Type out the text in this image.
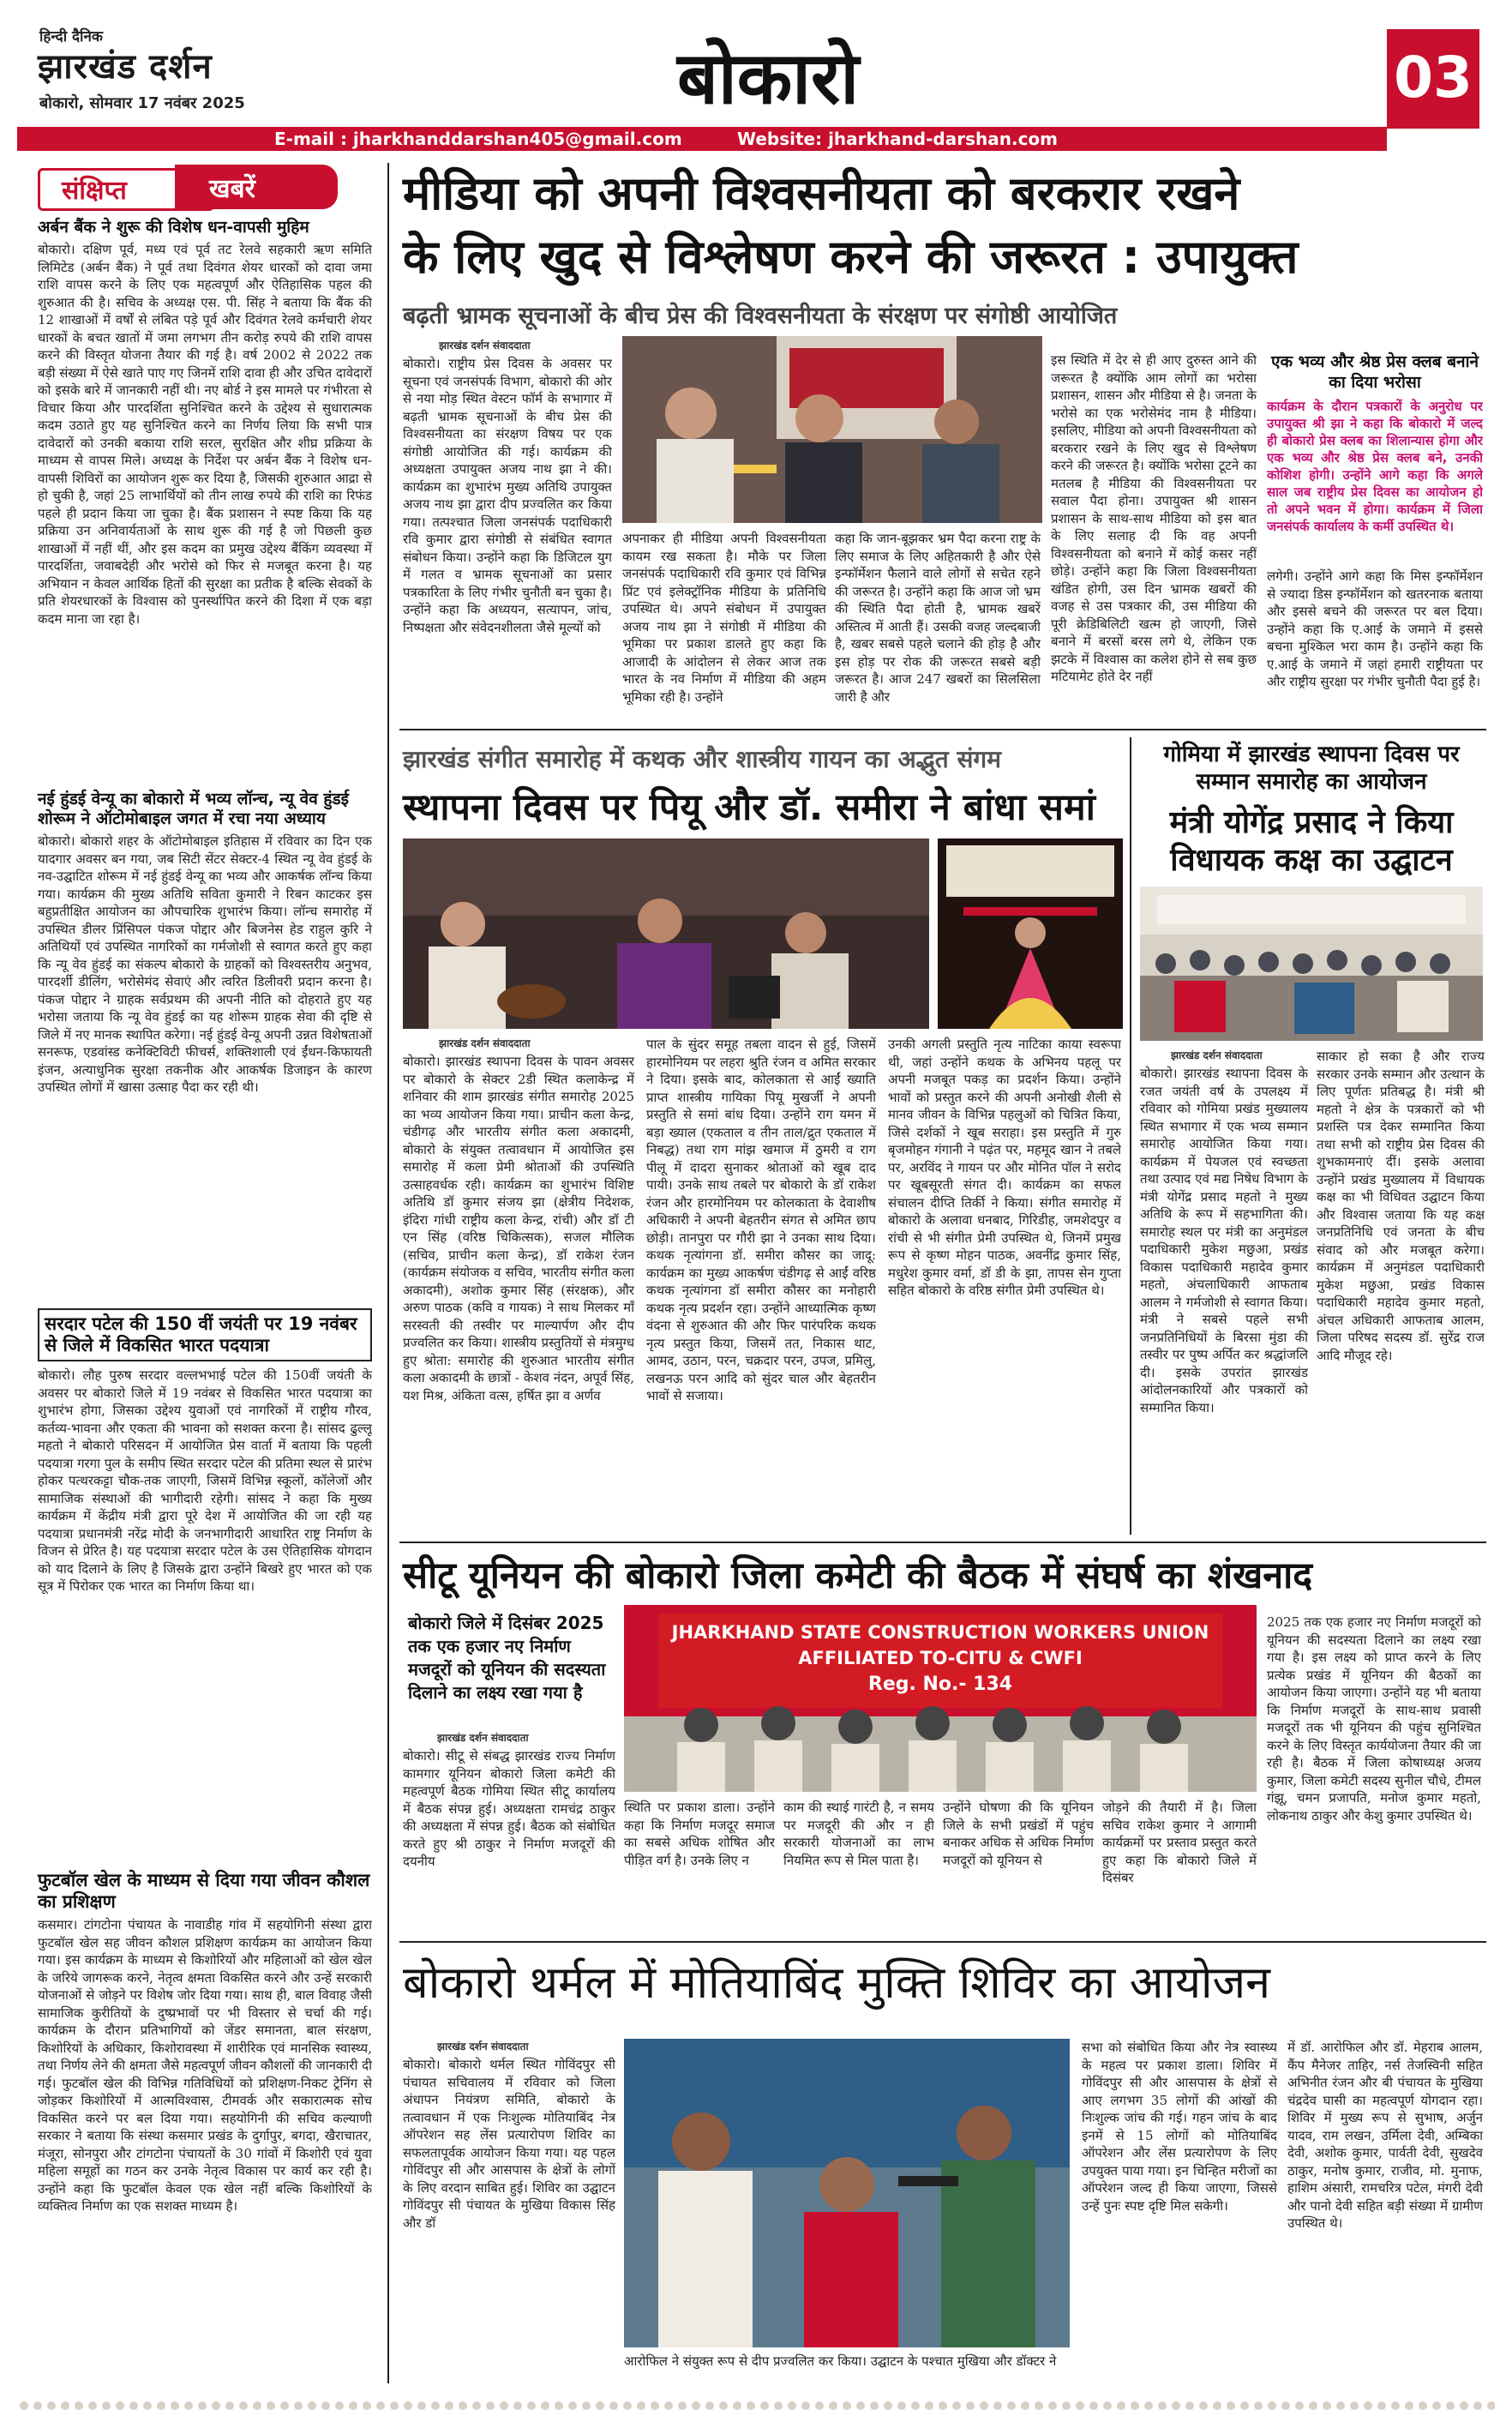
हिन्दी दैनिक
झारखंड दर्शन
बोकारो, सोमवार 17 नवंबर 2025	बोकारो	03
E-mail : jharkhanddarshan405@gmail.com	Website: jharkhand-darshan.com
संक्षिप्त	खबरें
अर्बन बैंक ने शुरू की विशेष धन-वापसी मुहिम
बोकारो। दक्षिण पूर्व, मध्य एवं पूर्व तट रेलवे सहकारी ऋण समिति लिमिटेड (अर्बन बैंक) ने पूर्व तथा दिवंगत शेयर धारकों को दावा जमा राशि वापस करने के लिए एक महत्वपूर्ण और ऐतिहासिक पहल की शुरुआत की है। सचिव के अध्यक्ष एस. पी. सिंह ने बताया कि बैंक की 12 शाखाओं में वर्षों से लंबित पड़े पूर्व और दिवंगत रेलवे कर्मचारी शेयर धारकों के बचत खातों में जमा लगभग तीन करोड़ रुपये की राशि वापस करने की विस्तृत योजना तैयार की गई है। वर्ष 2002 से 2022 तक बड़ी संख्या में ऐसे खाते पाए गए जिनमें राशि दावा ही और उचित दावेदारों को इसके बारे में जानकारी नहीं थी। नए बोर्ड ने इस मामले पर गंभीरता से विचार किया और पारदर्शिता सुनिश्चित करने के उद्देश्य से सुधारात्मक कदम उठाते हुए यह सुनिश्चित करने का निर्णय लिया कि सभी पात्र दावेदारों को उनकी बकाया राशि सरल, सुरक्षित और शीघ्र प्रक्रिया के माध्यम से वापस मिले। अध्यक्ष के निर्देश पर अर्बन बैंक ने विशेष धन-वापसी शिविरों का आयोजन शुरू कर दिया है, जिसकी शुरुआत आद्रा से हो चुकी है, जहां 25 लाभार्थियों को तीन लाख रुपये की राशि का रिफंड पहले ही प्रदान किया जा चुका है। बैंक प्रशासन ने स्पष्ट किया कि यह प्रक्रिया उन अनिवार्यताओं के साथ शुरू की गई है जो पिछली कुछ शाखाओं में नहीं थीं, और इस कदम का प्रमुख उद्देश्य बैंकिंग व्यवस्था में पारदर्शिता, जवाबदेही और भरोसे को फिर से मजबूत करना है। यह अभियान न केवल आर्थिक हितों की सुरक्षा का प्रतीक है बल्कि सेवकों के प्रति शेयरधारकों के विश्वास को पुनर्स्थापित करने की दिशा में एक बड़ा कदम माना जा रहा है।
नई हुंडई वेन्यू का बोकारो में भव्य लॉन्च, न्यू वेव हुंडई शोरूम ने ऑटोमोबाइल जगत में रचा नया अध्याय
बोकारो। बोकारो शहर के ऑटोमोबाइल इतिहास में रविवार का दिन एक यादगार अवसर बन गया, जब सिटी सेंटर सेक्टर-4 स्थित न्यू वेव हुंडई के नव-उद्घाटित शोरूम में नई हुंडई वेन्यू का भव्य और आकर्षक लॉन्च किया गया। कार्यक्रम की मुख्य अतिथि सविता कुमारी ने रिबन काटकर इस बहुप्रतीक्षित आयोजन का औपचारिक शुभारंभ किया। लॉन्च समारोह में उपस्थित डीलर प्रिंसिपल पंकज पोद्दार और बिजनेस हेड राहुल कुरि ने अतिथियों एवं उपस्थित नागरिकों का गर्मजोशी से स्वागत करते हुए कहा कि न्यू वेव हुंडई का संकल्प बोकारो के ग्राहकों को विश्वस्तरीय अनुभव, पारदर्शी डीलिंग, भरोसेमंद सेवाएं और त्वरित डिलीवरी प्रदान करना है। पंकज पोद्दार ने ग्राहक सर्वप्रथम की अपनी नीति को दोहराते हुए यह भरोसा जताया कि न्यू वेव हुंडई का यह शोरूम ग्राहक सेवा की दृष्टि से जिले में नए मानक स्थापित करेगा। नई हुंडई वेन्यू अपनी उन्नत विशेषताओं सनरूफ, एडवांस्ड कनेक्टिविटी फीचर्स, शक्तिशाली एवं ईंधन-किफायती इंजन, अत्याधुनिक सुरक्षा तकनीक और आकर्षक डिजाइन के कारण उपस्थित लोगों में खासा उत्साह पैदा कर रही थी।
सरदार पटेल की 150 वीं जयंती पर 19 नवंबर से जिले में विकसित भारत पदयात्रा
बोकारो। लौह पुरुष सरदार वल्लभभाई पटेल की 150वीं जयंती के अवसर पर बोकारो जिले में 19 नवंबर से विकसित भारत पदयात्रा का शुभारंभ होगा, जिसका उद्देश्य युवाओं एवं नागरिकों में राष्ट्रीय गौरव, कर्तव्य-भावना और एकता की भावना को सशक्त करना है। सांसद ढुल्लू महतो ने बोकारो परिसदन में आयोजित प्रेस वार्ता में बताया कि पहली पदयात्रा गरगा पुल के समीप स्थित सरदार पटेल की प्रतिमा स्थल से प्रारंभ होकर पत्थरकट्टा चौक-तक जाएगी, जिसमें विभिन्न स्कूलों, कॉलेजों और सामाजिक संस्थाओं की भागीदारी रहेगी। सांसद ने कहा कि मुख्य कार्यक्रम में केंद्रीय मंत्री द्वारा पूरे देश में आयोजित की जा रही यह पदयात्रा प्रधानमंत्री नरेंद्र मोदी के जनभागीदारी आधारित राष्ट्र निर्माण के विजन से प्रेरित है। यह पदयात्रा सरदार पटेल के उस ऐतिहासिक योगदान को याद दिलाने के लिए है जिसके द्वारा उन्होंने बिखरे हुए भारत को एक सूत्र में पिरोकर एक भारत का निर्माण किया था।
फुटबॉल खेल के माध्यम से दिया गया जीवन कौशल का प्रशिक्षण
कसमार। टांगटोना पंचायत के नावाडीह गांव में सहयोगिनी संस्था द्वारा फुटबॉल खेल सह जीवन कौशल प्रशिक्षण कार्यक्रम का आयोजन किया गया। इस कार्यक्रम के माध्यम से किशोरियों और महिलाओं को खेल खेल के जरिये जागरूक करने, नेतृत्व क्षमता विकसित करने और उन्हें सरकारी योजनाओं से जोड़ने पर विशेष जोर दिया गया। साथ ही, बाल विवाह जैसी सामाजिक कुरीतियों के दुष्प्रभावों पर भी विस्तार से चर्चा की गई। कार्यक्रम के दौरान प्रतिभागियों को जेंडर समानता, बाल संरक्षण, किशोरियों के अधिकार, किशोरावस्था में शारीरिक एवं मानसिक स्वास्थ्य, तथा निर्णय लेने की क्षमता जैसे महत्वपूर्ण जीवन कौशलों की जानकारी दी गई। फुटबॉल खेल की विभिन्न गतिविधियों को प्रशिक्षण-निकट ट्रेनिंग से जोड़कर किशोरियों में आत्मविश्वास, टीमवर्क और सकारात्मक सोच विकसित करने पर बल दिया गया। सहयोगिनी की सचिव कल्याणी सरकार ने बताया कि संस्था कसमार प्रखंड के दुर्गापुर, बगदा, खैराचातर, मंजूरा, सोनपुरा और टांगटोना पंचायतों के 30 गांवों में किशोरी एवं युवा महिला समूहों का गठन कर उनके नेतृत्व विकास पर कार्य कर रही है। उन्होंने कहा कि फुटबॉल केवल एक खेल नहीं बल्कि किशोरियों के व्यक्तित्व निर्माण का एक सशक्त माध्यम है।
मीडिया को अपनी विश्वसनीयता को बरकरार रखने
के लिए खुद से विश्लेषण करने की जरूरत : उपायुक्त
बढ़ती भ्रामक सूचनाओं के बीच प्रेस की विश्वसनीयता के संरक्षण पर संगोष्ठी आयोजित
झारखंड दर्शन संवाददाता
बोकारो। राष्ट्रीय प्रेस दिवस के अवसर पर सूचना एवं जनसंपर्क विभाग, बोकारो की ओर से नया मोड़ स्थित वेस्टन फॉर्म के सभागार में बढ़ती भ्रामक सूचनाओं के बीच प्रेस की विश्वसनीयता का संरक्षण विषय पर एक संगोष्ठी आयोजित की गई। कार्यक्रम की अध्यक्षता उपायुक्त अजय नाथ झा ने की। कार्यक्रम का शुभारंभ मुख्य अतिथि उपायुक्त अजय नाथ झा द्वारा दीप प्रज्वलित कर किया गया। तत्पश्चात जिला जनसंपर्क पदाधिकारी रवि कुमार द्वारा संगोष्ठी से संबंधित स्वागत संबोधन किया। उन्होंने कहा कि डिजिटल युग में गलत व भ्रामक सूचनाओं का प्रसार पत्रकारिता के लिए गंभीर चुनौती बन चुका है। उन्होंने कहा कि अध्ययन, सत्यापन, जांच, निष्पक्षता और संवेदनशीलता जैसे मूल्यों को
अपनाकर ही मीडिया अपनी विश्वसनीयता कायम रख सकता है। मौके पर जिला जनसंपर्क पदाधिकारी रवि कुमार एवं विभिन्न प्रिंट एवं इलेक्ट्रॉनिक मीडिया के प्रतिनिधि उपस्थित थे। अपने संबोधन में उपायुक्त अजय नाथ झा ने संगोष्ठी में मीडिया की भूमिका पर प्रकाश डालते हुए कहा कि आजादी के आंदोलन से लेकर आज तक भारत के नव निर्माण में मीडिया की अहम भूमिका रही है। उन्होंने
कहा कि जान-बूझकर भ्रम पैदा करना राष्ट्र के लिए समाज के लिए अहितकारी है और ऐसे इन्फॉर्मेशन फैलाने वाले लोगों से सचेत रहने की जरूरत है। उन्होंने कहा कि आज जो भ्रम की स्थिति पैदा होती है, भ्रामक खबरें अस्तित्व में आती हैं। उसकी वजह जल्दबाजी है, खबर सबसे पहले चलाने की होड़ है और इस होड़ पर रोक की जरूरत सबसे बड़ी जरूरत है। आज 247 खबरों का सिलसिला जारी है और
इस स्थिति में देर से ही आए दुरुस्त आने की जरूरत है क्योंकि आम लोगों का भरोसा प्रशासन, शासन और मीडिया से है। जनता के भरोसे का एक भरोसेमंद नाम है मीडिया। इसलिए, मीडिया को अपनी विश्वसनीयता को बरकरार रखने के लिए खुद से विश्लेषण करने की जरूरत है। क्योंकि भरोसा टूटने का मतलब है मीडिया की विश्वसनीयता पर सवाल पैदा होना। उपायुक्त श्री शासन प्रशासन के साथ-साथ मीडिया को इस बात के लिए सलाह दी कि वह अपनी विश्वसनीयता को बनाने में कोई कसर नहीं छोड़े। उन्होंने कहा कि जिला विश्वसनीयता खंडित होगी, उस दिन भ्रामक खबरों की वजह से उस पत्रकार की, उस मीडिया की पूरी क्रेडिबिलिटी खत्म हो जाएगी, जिसे बनाने में बरसों बरस लगे थे, लेकिन एक झटके में विश्वास का कलेश होने से सब कुछ मटियामेट होते देर नहीं
एक भव्य और श्रेष्ठ प्रेस क्लब बनाने का दिया भरोसा
कार्यक्रम के दौरान पत्रकारों के अनुरोध पर उपायुक्त श्री झा ने कहा कि बोकारो में जल्द ही बोकारो प्रेस क्लब का शिलान्यास होगा और एक भव्य और श्रेष्ठ प्रेस क्लब बने, उनकी कोशिश होगी। उन्होंने आगे कहा कि अगले साल जब राष्ट्रीय प्रेस दिवस का आयोजन हो तो अपने भवन में होगा। कार्यक्रम में जिला जनसंपर्क कार्यालय के कर्मी उपस्थित थे।
लगेगी। उन्होंने आगे कहा कि मिस इन्फॉर्मेशन से ज्यादा डिस इन्फॉर्मेशन को खतरनाक बताया और इससे बचने की जरूरत पर बल दिया। उन्होंने कहा कि ए.आई के जमाने में इससे बचना मुश्किल भरा काम है। उन्होंने कहा कि ए.आई के जमाने में जहां हमारी राष्ट्रीयता पर और राष्ट्रीय सुरक्षा पर गंभीर चुनौती पैदा हुई है।
झारखंड संगीत समारोह में कथक और शास्त्रीय गायन का अद्भुत संगम
स्थापना दिवस पर पियू और डॉ. समीरा ने बांधा समां
झारखंड दर्शन संवाददाता
बोकारो। झारखंड स्थापना दिवस के पावन अवसर पर बोकारो के सेक्टर 2डी स्थित कलाकेन्द्र में शनिवार की शाम झारखंड संगीत समारोह 2025 का भव्य आयोजन किया गया। प्राचीन कला केन्द्र, चंडीगढ़ और भारतीय संगीत कला अकादमी, बोकारो के संयुक्त तत्वावधान में आयोजित इस समारोह में कला प्रेमी श्रोताओं की उपस्थिति उत्साहवर्धक रही। कार्यक्रम का शुभारंभ विशिष्ट अतिथि डॉ कुमार संजय झा (क्षेत्रीय निदेशक, इंदिरा गांधी राष्ट्रीय कला केन्द्र, रांची) और डॉ टी एन सिंह (वरिष्ठ चिकित्सक), सजल मौलिक (सचिव, प्राचीन कला केन्द्र), डॉ राकेश रंजन (कार्यक्रम संयोजक व सचिव, भारतीय संगीत कला अकादमी), अशोक कुमार सिंह (संरक्षक), और अरुण पाठक (कवि व गायक) ने साथ मिलकर माँ सरस्वती की तस्वीर पर माल्यार्पण और दीप प्रज्वलित कर किया। शास्त्रीय प्रस्तुतियों से मंत्रमुग्ध हुए श्रोता: समारोह की शुरुआत भारतीय संगीत कला अकादमी के छात्रों - केशव नंदन, अपूर्व सिंह, यश मिश्र, अंकिता वत्स, हर्षित झा व अर्णव
पाल के सुंदर समूह तबला वादन से हुई, जिसमें हारमोनियम पर लहरा श्रुति रंजन व अमित सरकार ने दिया। इसके बाद, कोलकाता से आईं ख्याति प्राप्त शास्त्रीय गायिका पियू मुखर्जी ने अपनी प्रस्तुति से समां बांध दिया। उन्होंने राग यमन में बड़ा ख्याल (एकताल व तीन ताल/द्रुत एकताल में निबद्ध) तथा राग मांझ खमाज में ठुमरी व राग पीलू में दादरा सुनाकर श्रोताओं को खूब दाद पायी। उनके साथ तबले पर बोकारो के डॉ राकेश रंजन और हारमोनियम पर कोलकाता के देवाशीष अधिकारी ने अपनी बेहतरीन संगत से अमित छाप छोड़ी। तानपुरा पर गौरी झा ने उनका साथ दिया। कथक नृत्यांगना डॉ. समीरा कौसर का जादू: कार्यक्रम का मुख्य आकर्षण चंडीगढ़ से आईं वरिष्ठ कथक नृत्यांगना डॉ समीरा कौसर का मनोहारी कथक नृत्य प्रदर्शन रहा। उन्होंने आध्यात्मिक कृष्ण वंदना से शुरुआत की और फिर पारंपरिक कथक नृत्य प्रस्तुत किया, जिसमें तत, निकास थाट, आमद, उठान, परन, चक्रदार परन, उपज, प्रमिलु, लखनऊ परन आदि को सुंदर चाल और बेहतरीन भावों से सजाया।
उनकी अगली प्रस्तुति नृत्य नाटिका काया स्वरूपा थी, जहां उन्होंने कथक के अभिनय पहलू पर अपनी मजबूत पकड़ का प्रदर्शन किया। उन्होंने भावों को प्रस्तुत करने की अपनी अनोखी शैली से मानव जीवन के विभिन्न पहलुओं को चित्रित किया, जिसे दर्शकों ने खूब सराहा। इस प्रस्तुति में गुरु बृजमोहन गंगानी ने पढ़ंत पर, महमूद खान ने तबले पर, अरविंद ने गायन पर और मोनित पॉल ने सरोद पर खूबसूरती संगत दी। कार्यक्रम का सफल संचालन दीप्ति तिर्की ने किया। संगीत समारोह में बोकारो के अलावा धनबाद, गिरिडीह, जमशेदपुर व रांची से भी संगीत प्रेमी उपस्थित थे, जिनमें प्रमुख रूप से कृष्ण मोहन पाठक, अवनींद्र कुमार सिंह, मधुरेश कुमार वर्मा, डॉ डी के झा, तापस सेन गुप्ता सहित बोकारो के वरिष्ठ संगीत प्रेमी उपस्थित थे।
गोमिया में झारखंड स्थापना दिवस पर सम्मान समारोह का आयोजन
मंत्री योगेंद्र प्रसाद ने किया विधायक कक्ष का उद्घाटन
झारखंड दर्शन संवाददाता
बोकारो। झारखंड स्थापना दिवस के रजत जयंती वर्ष के उपलक्ष्य में रविवार को गोमिया प्रखंड मुख्यालय स्थित सभागार में एक भव्य सम्मान समारोह आयोजित किया गया। कार्यक्रम में पेयजल एवं स्वच्छता तथा उत्पाद एवं मद्य निषेध विभाग के मंत्री योगेंद्र प्रसाद महतो ने मुख्य अतिथि के रूप में सहभागिता की। समारोह स्थल पर मंत्री का अनुमंडल पदाधिकारी मुकेश मछुआ, प्रखंड विकास पदाधिकारी महादेव कुमार महतो, अंचलाधिकारी आफताब आलम ने गर्मजोशी से स्वागत किया। मंत्री ने सबसे पहले सभी जनप्रतिनिधियों के बिरसा मुंडा की तस्वीर पर पुष्प अर्पित कर श्रद्धांजलि दी। इसके उपरांत झारखंड आंदोलनकारियों और पत्रकारों को सम्मानित किया।
साकार हो सका है और राज्य सरकार उनके सम्मान और उत्थान के लिए पूर्णतः प्रतिबद्ध है। मंत्री श्री महतो ने क्षेत्र के पत्रकारों को भी प्रशस्ति पत्र देकर सम्मानित किया तथा सभी को राष्ट्रीय प्रेस दिवस की शुभकामनाएं दीं। इसके अलावा उन्होंने प्रखंड मुख्यालय में विधायक कक्ष का भी विधिवत उद्घाटन किया और विश्वास जताया कि यह कक्ष जनप्रतिनिधि एवं जनता के बीच संवाद को और मजबूत करेगा। कार्यक्रम में अनुमंडल पदाधिकारी मुकेश मछुआ, प्रखंड विकास पदाधिकारी महादेव कुमार महतो, अंचल अधिकारी आफताब आलम, जिला परिषद सदस्य डॉ. सुरेंद्र राज आदि मौजूद रहे।
सीटू यूनियन की बोकारो जिला कमेटी की बैठक में संघर्ष का शंखनाद
बोकारो जिले में दिसंबर 2025 तक एक हजार नए निर्माण मजदूरों को यूनियन की सदस्यता दिलाने का लक्ष्य रखा गया है
झारखंड दर्शन संवाददाता
JHARKHAND STATE CONSTRUCTION WORKERS UNION
AFFILIATED TO-CITU & CWFI
Reg. No.- 134
बोकारो। सीटू से संबद्ध झारखंड राज्य निर्माण कामगार यूनियन बोकारो जिला कमेटी की महत्वपूर्ण बैठक गोमिया स्थित सीटू कार्यालय में बैठक संपन्न हुई। अध्यक्षता रामचंद्र ठाकुर की अध्यक्षता में संपन्न हुई। बैठक को संबोधित करते हुए श्री ठाकुर ने निर्माण मजदूरों की दयनीय
स्थिति पर प्रकाश डाला। उन्होंने कहा कि निर्माण मजदूर समाज का सबसे अधिक शोषित और पीड़ित वर्ग है। उनके लिए न
काम की स्थाई गारंटी है, न समय पर मजदूरी की और न ही सरकारी योजनाओं का लाभ नियमित रूप से मिल पाता है।
उन्होंने घोषणा की कि यूनियन जिले के सभी प्रखंडों में पहुंच बनाकर अधिक से अधिक निर्माण मजदूरों को यूनियन से
जोड़ने की तैयारी में है। जिला सचिव राकेश कुमार ने आगामी कार्यक्रमों पर प्रस्ताव प्रस्तुत करते हुए कहा कि बोकारो जिले में दिसंबर
2025 तक एक हजार नए निर्माण मजदूरों को यूनियन की सदस्यता दिलाने का लक्ष्य रखा गया है। इस लक्ष्य को प्राप्त करने के लिए प्रत्येक प्रखंड में यूनियन की बैठकों का आयोजन किया जाएगा। उन्होंने यह भी बताया कि निर्माण मजदूरों के साथ-साथ प्रवासी मजदूरों तक भी यूनियन की पहुंच सुनिश्चित करने के लिए विस्तृत कार्ययोजना तैयार की जा रही है। बैठक में जिला कोषाध्यक्ष अजय कुमार, जिला कमेटी सदस्य सुनील चौधे, टीमल गंझू, चमन प्रजापति, मनोज कुमार महतो, लोकनाथ ठाकुर और केशु कुमार उपस्थित थे।
बोकारो थर्मल में मोतियाबिंद मुक्ति शिविर का आयोजन
झारखंड दर्शन संवाददाता
बोकारो। बोकारो थर्मल स्थित गोविंदपुर सी पंचायत सचिवालय में रविवार को जिला अंधापन नियंत्रण समिति, बोकारो के तत्वावधान में एक निःशुल्क मोतियाबिंद नेत्र ऑपरेशन सह लेंस प्रत्यारोपण शिविर का सफलतापूर्वक आयोजन किया गया। यह पहल गोविंदपुर सी और आसपास के क्षेत्रों के लोगों के लिए वरदान साबित हुई। शिविर का उद्घाटन गोविंदपुर सी पंचायत के मुखिया विकास सिंह और डॉ
आरोफिल ने संयुक्त रूप से दीप प्रज्वलित कर किया। उद्घाटन के पश्चात मुखिया और डॉक्टर ने
सभा को संबोधित किया और नेत्र स्वास्थ्य के महत्व पर प्रकाश डाला। शिविर में गोविंदपुर सी और आसपास के क्षेत्रों से आए लगभग 35 लोगों की आंखों की निःशुल्क जांच की गई। गहन जांच के बाद इनमें से 15 लोगों को मोतियाबिंद ऑपरेशन और लेंस प्रत्यारोपण के लिए उपयुक्त पाया गया। इन चिन्हित मरीजों का ऑपरेशन जल्द ही किया जाएगा, जिससे उन्हें पुनः स्पष्ट दृष्टि मिल सकेगी।
में डॉ. आरोफिल और डॉ. मेहराब आलम, कैंप मैनेजर ताहिर, नर्स तेजस्विनी सहित अभिनीत रंजन और बी पंचायत के मुखिया चंद्रदेव घासी का महत्वपूर्ण योगदान रहा। शिविर में मुख्य रूप से सुभाष, अर्जुन यादव, राम लखन, उर्मिला देवी, अम्बिका देवी, अशोक कुमार, पार्वती देवी, सुखदेव ठाकुर, मनोष कुमार, राजीव, मो. मुनाफ, हाशिम अंसारी, रामचरित्र पटेल, मंगरी देवी और पानो देवी सहित बड़ी संख्या में ग्रामीण उपस्थित थे।
